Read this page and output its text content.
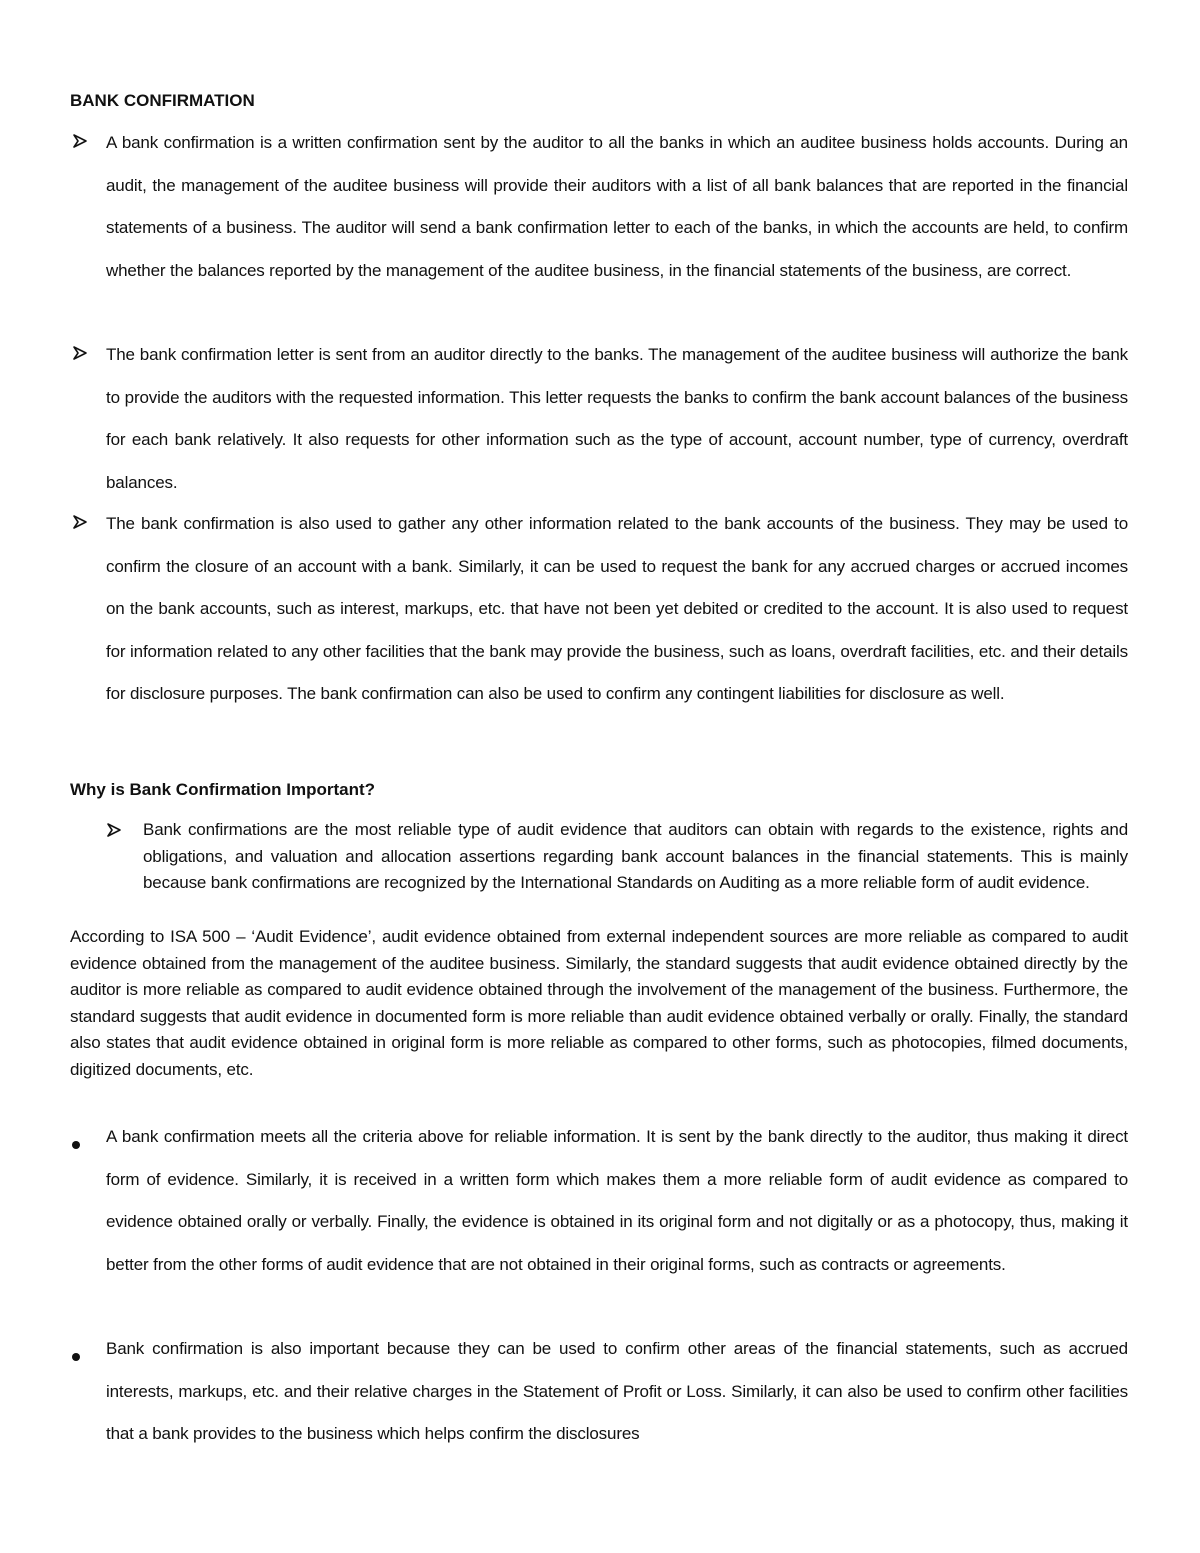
BANK CONFIRMATION

A bank confirmation is a written confirmation sent by the auditor to all the banks in which an auditee business holds accounts. During an audit, the management of the auditee business will provide their auditors with a list of all bank balances that are reported in the financial statements of a business. The auditor will send a bank confirmation letter to each of the banks, in which the accounts are held, to confirm whether the balances reported by the management of the auditee business, in the financial statements of the business, are correct.

The bank confirmation letter is sent from an auditor directly to the banks. The management of the auditee business will authorize the bank to provide the auditors with the requested information. This letter requests the banks to confirm the bank account balances of the business for each bank relatively. It also requests for other information such as the type of account, account number, type of currency, overdraft balances.

The bank confirmation is also used to gather any other information related to the bank accounts of the business. They may be used to confirm the closure of an account with a bank. Similarly, it can be used to request the bank for any accrued charges or accrued incomes on the bank accounts, such as interest, markups, etc. that have not been yet debited or credited to the account. It is also used to request for information related to any other facilities that the bank may provide the business, such as loans, overdraft facilities, etc. and their details for disclosure purposes. The bank confirmation can also be used to confirm any contingent liabilities for disclosure as well.

Why is Bank Confirmation Important?

Bank confirmations are the most reliable type of audit evidence that auditors can obtain with regards to the existence, rights and obligations, and valuation and allocation assertions regarding bank account balances in the financial statements. This is mainly because bank confirmations are recognized by the International Standards on Auditing as a more reliable form of audit evidence.

According to ISA 500 – ‘Audit Evidence’, audit evidence obtained from external independent sources are more reliable as compared to audit evidence obtained from the management of the auditee business. Similarly, the standard suggests that audit evidence obtained directly by the auditor is more reliable as compared to audit evidence obtained through the involvement of the management of the business. Furthermore, the standard suggests that audit evidence in documented form is more reliable than audit evidence obtained verbally or orally. Finally, the standard also states that audit evidence obtained in original form is more reliable as compared to other forms, such as photocopies, filmed documents, digitized documents, etc.

A bank confirmation meets all the criteria above for reliable information. It is sent by the bank directly to the auditor, thus making it direct form of evidence. Similarly, it is received in a written form which makes them a more reliable form of audit evidence as compared to evidence obtained orally or verbally. Finally, the evidence is obtained in its original form and not digitally or as a photocopy, thus, making it better from the other forms of audit evidence that are not obtained in their original forms, such as contracts or agreements.

Bank confirmation is also important because they can be used to confirm other areas of the financial statements, such as accrued interests, markups, etc. and their relative charges in the Statement of Profit or Loss. Similarly, it can also be used to confirm other facilities that a bank provides to the business which helps confirm the disclosures
